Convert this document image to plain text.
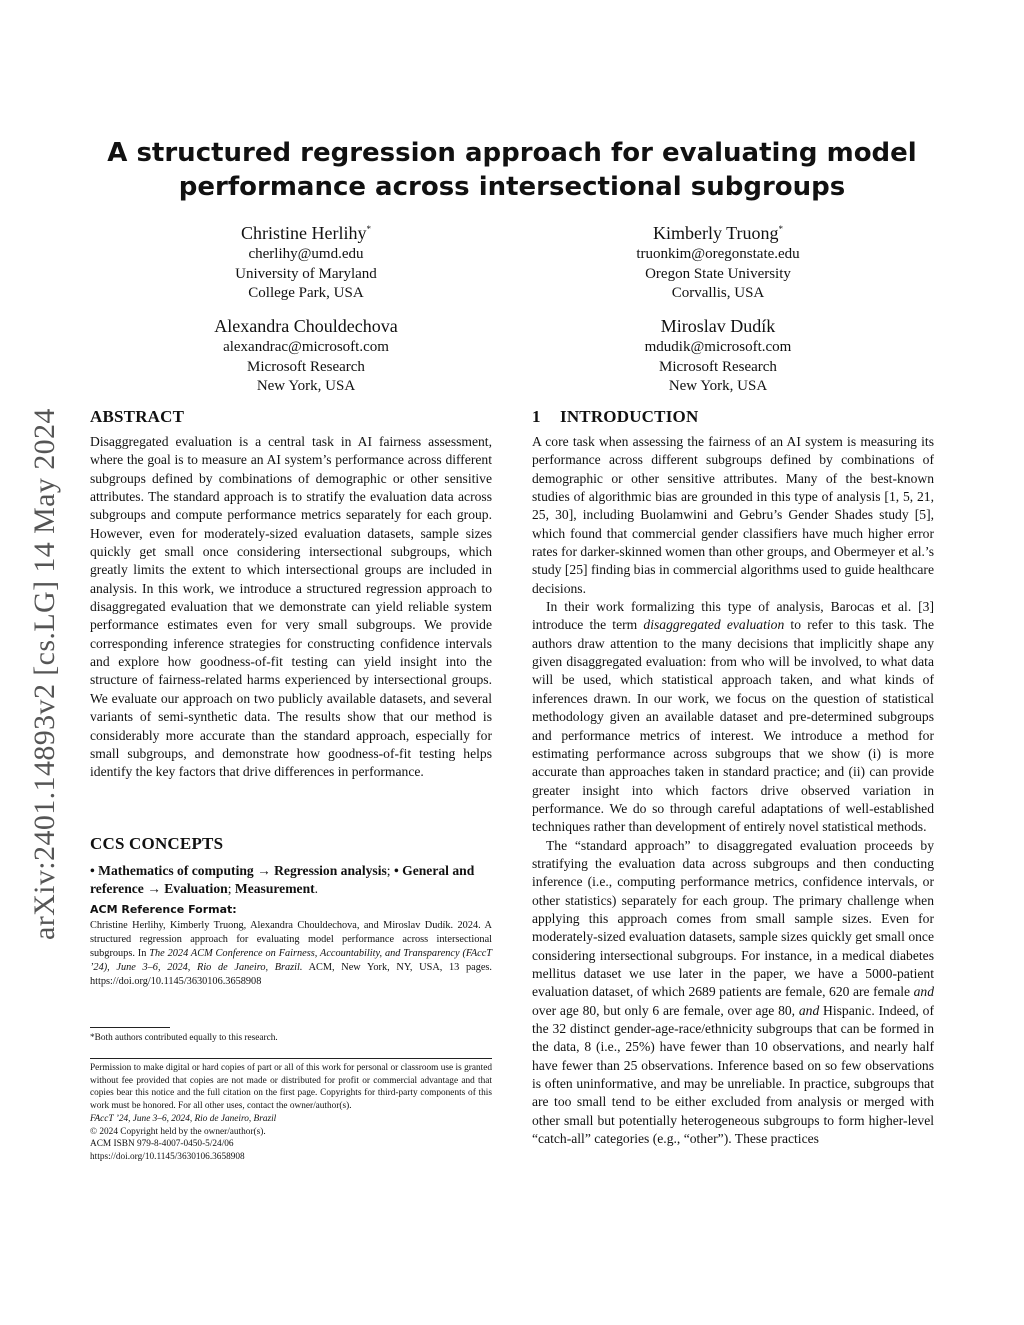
arXiv:2401.14893v2 [cs.LG] 14 May 2024
A structured regression approach for evaluating model
performance across intersectional subgroups
Christine Herlihy*
cherlihy@umd.edu
University of Maryland
College Park, USA
Kimberly Truong*
truonkim@oregonstate.edu
Oregon State University
Corvallis, USA
Alexandra Chouldechova
alexandrac@microsoft.com
Microsoft Research
New York, USA
Miroslav Dudík
mdudik@microsoft.com
Microsoft Research
New York, USA
ABSTRACT

Disaggregated evaluation is a central task in AI fairness assessment, where the goal is to measure an AI system’s performance across different subgroups defined by combinations of demographic or other sensitive attributes. The standard approach is to stratify the evaluation data across subgroups and compute performance metrics separately for each group. However, even for moderately-sized evaluation datasets, sample sizes quickly get small once considering intersectional subgroups, which greatly limits the extent to which intersectional groups are included in analysis. In this work, we introduce a structured regression approach to disaggregated evaluation that we demonstrate can yield reliable system performance estimates even for very small subgroups. We provide corresponding inference strategies for constructing confidence intervals and explore how goodness-of-fit testing can yield insight into the structure of fairness-related harms experienced by intersectional groups. We evaluate our approach on two publicly available datasets, and several variants of semi-synthetic data. The results show that our method is considerably more accurate than the standard approach, especially for small subgroups, and demonstrate how goodness-of-fit testing helps identify the key factors that drive differences in performance.

CCS CONCEPTS
• Mathematics of computing → Regression analysis; • General and reference → Evaluation; Measurement.
ACM Reference Format:

Christine Herlihy, Kimberly Truong, Alexandra Chouldechova, and Miroslav Dudík. 2024. A structured regression approach for evaluating model performance across intersectional subgroups. In The 2024 ACM Conference on Fairness, Accountability, and Transparency (FAccT ’24), June 3–6, 2024, Rio de Janeiro, Brazil. ACM, New York, NY, USA, 13 pages. https://doi.org/10.1145/3630106.3658908

*Both authors contributed equally to this research.

Permission to make digital or hard copies of part or all of this work for personal or classroom use is granted without fee provided that copies are not made or distributed for profit or commercial advantage and that copies bear this notice and the full citation on the first page. Copyrights for third-party components of this work must be honored. For all other uses, contact the owner/author(s).

FAccT ’24, June 3–6, 2024, Rio de Janeiro, Brazil

© 2024 Copyright held by the owner/author(s).

ACM ISBN 979-8-4007-0450-5/24/06

https://doi.org/10.1145/3630106.3658908

1 INTRODUCTION

A core task when assessing the fairness of an AI system is measuring its performance across different subgroups defined by combinations of demographic or other sensitive attributes. Many of the best-known studies of algorithmic bias are grounded in this type of analysis [1, 5, 21, 25, 30], including Buolamwini and Gebru’s Gender Shades study [5], which found that commercial gender classifiers have much higher error rates for darker-skinned women than other groups, and Obermeyer et al.’s study [25] finding bias in commercial algorithms used to guide healthcare decisions.

In their work formalizing this type of analysis, Barocas et al. [3] introduce the term disaggregated evaluation to refer to this task. The authors draw attention to the many decisions that implicitly shape any given disaggregated evaluation: from who will be involved, to what data will be used, which statistical approach taken, and what kinds of inferences drawn. In our work, we focus on the question of statistical methodology given an available dataset and pre-determined subgroups and performance metrics of interest. We introduce a method for estimating performance across subgroups that we show (i) is more accurate than approaches taken in standard practice; and (ii) can provide greater insight into which factors drive observed variation in performance. We do so through careful adaptations of well-established techniques rather than development of entirely novel statistical methods.

The “standard approach” to disaggregated evaluation proceeds by stratifying the evaluation data across subgroups and then conducting inference (i.e., computing performance metrics, confidence intervals, or other statistics) separately for each group. The primary challenge when applying this approach comes from small sample sizes. Even for moderately-sized evaluation datasets, sample sizes quickly get small once considering intersectional subgroups. For instance, in a medical diabetes mellitus dataset we use later in the paper, we have a 5000-patient evaluation dataset, of which 2689 patients are female, 620 are female and over age 80, but only 6 are female, over age 80, and Hispanic. Indeed, of the 32 distinct gender-age-race/ethnicity subgroups that can be formed in the data, 8 (i.e., 25%) have fewer than 10 observations, and nearly half have fewer than 25 observations. Inference based on so few observations is often uninformative, and may be unreliable. In practice, subgroups that are too small tend to be either excluded from analysis or merged with other small but potentially heterogeneous subgroups to form higher-level “catch-all” categories (e.g., “other”). These practices
